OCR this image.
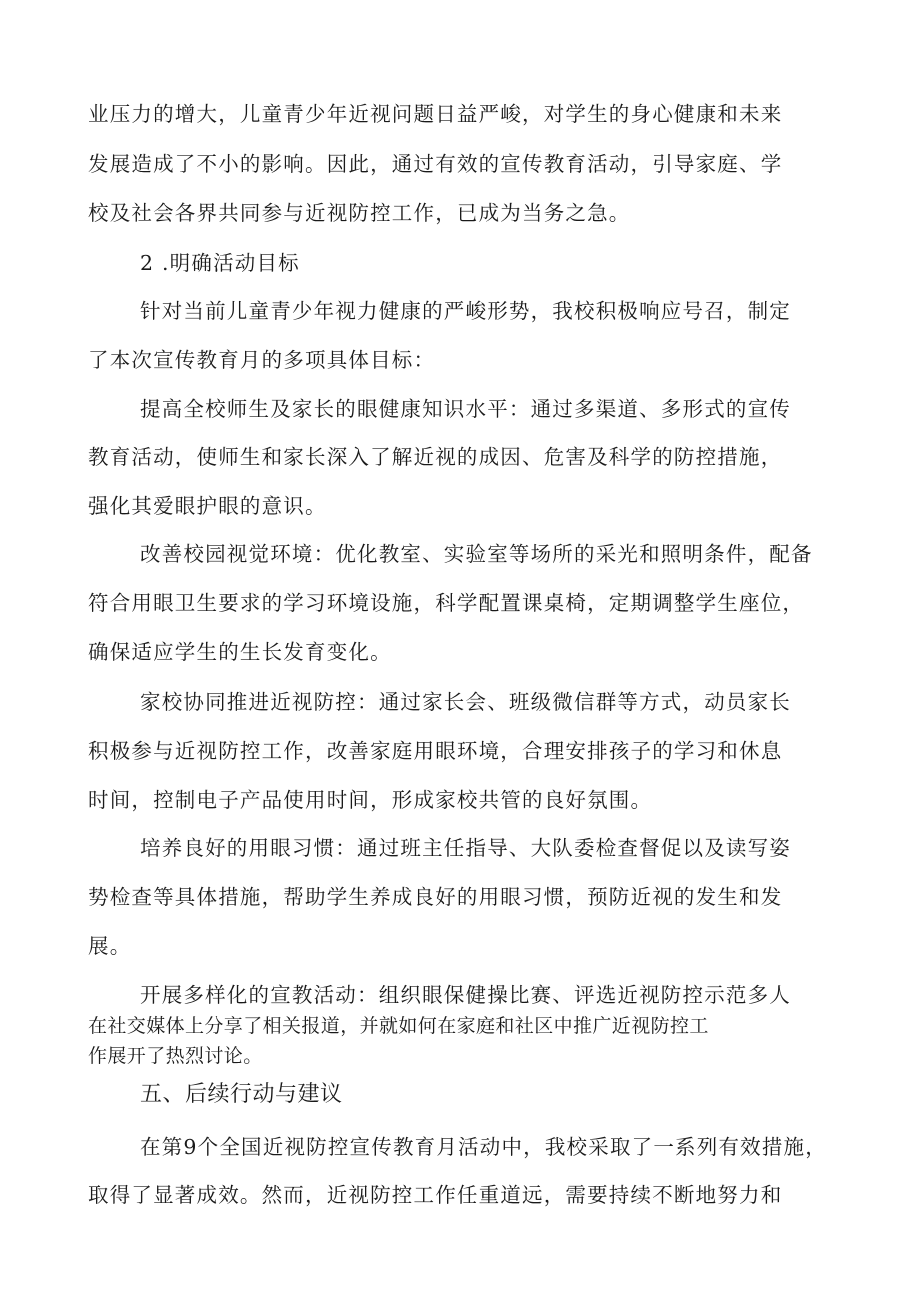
业压力的增大，儿童青少年近视问题日益严峻，对学生的身心健康和未来
发展造成了不小的影响。因此，通过有效的宣传教育活动，引导家庭、学
校及社会各界共同参与近视防控工作，已成为当务之急。
2 .明确活动目标
针对当前儿童青少年视力健康的严峻形势，我校积极响应号召，制定
了本次宣传教育月的多项具体目标：
提高全校师生及家长的眼健康知识水平：通过多渠道、多形式的宣传
教育活动，使师生和家长深入了解近视的成因、危害及科学的防控措施，
强化其爱眼护眼的意识。
改善校园视觉环境：优化教室、实验室等场所的采光和照明条件，配备
符合用眼卫生要求的学习环境设施，科学配置课桌椅，定期调整学生座位，
确保适应学生的生长发育变化。
家校协同推进近视防控：通过家长会、班级微信群等方式，动员家长
积极参与近视防控工作，改善家庭用眼环境，合理安排孩子的学习和休息
时间，控制电子产品使用时间，形成家校共管的良好氛围。
培养良好的用眼习惯：通过班主任指导、大队委检查督促以及读写姿
势检查等具体措施，帮助学生养成良好的用眼习惯，预防近视的发生和发
展。
开展多样化的宣教活动：组织眼保健操比赛、评选近视防控示范多人
在社交媒体上分享了相关报道，并就如何在家庭和社区中推广近视防控工
作展开了热烈讨论。
五、后续行动与建议
在第9个全国近视防控宣传教育月活动中，我校采取了一系列有效措施，
取得了显著成效。然而，近视防控工作任重道远，需要持续不断地努力和
